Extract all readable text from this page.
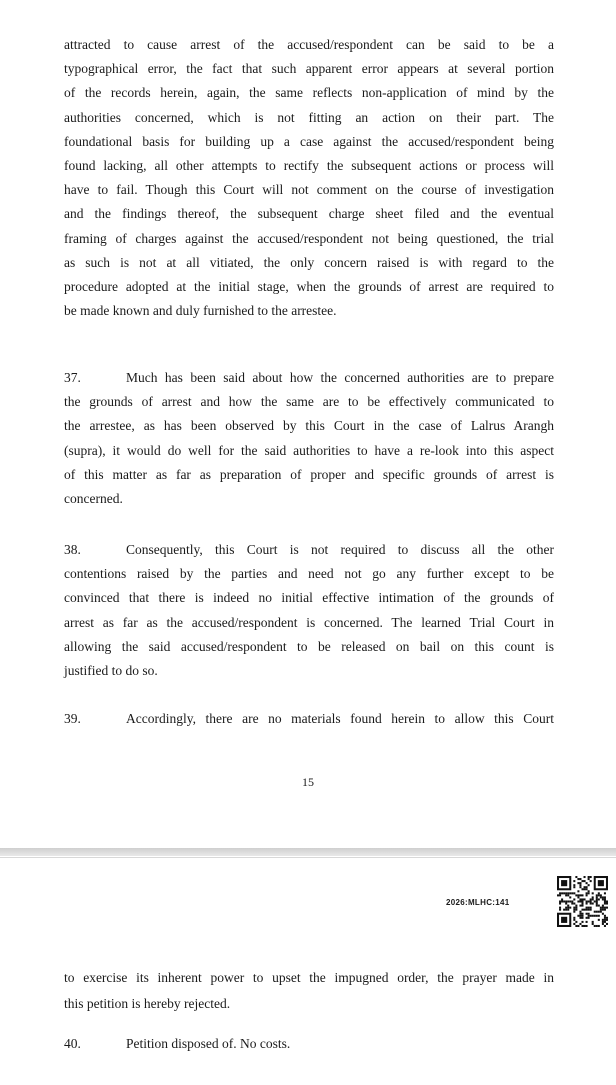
attracted to cause arrest of the accused/respondent can be said to be a
typographical error, the fact that such apparent error appears at several portion
of the records herein, again, the same reflects non-application of mind by the
authorities concerned, which is not fitting an action on their part. The
foundational basis for building up a case against the accused/respondent being
found lacking, all other attempts to rectify the subsequent actions or process will
have to fail. Though this Court will not comment on the course of investigation
and the findings thereof, the subsequent charge sheet filed and the eventual
framing of charges against the accused/respondent not being questioned, the trial
as such is not at all vitiated, the only concern raised is with regard to the
procedure adopted at the initial stage, when the grounds of arrest are required to
be made known and duly furnished to the arrestee.
37.	Much has been said about how the concerned authorities are to prepare
the grounds of arrest and how the same are to be effectively communicated to
the arrestee, as has been observed by this Court in the case of Lalrus Arangh
(supra), it would do well for the said authorities to have a re-look into this aspect
of this matter as far as preparation of proper and specific grounds of arrest is
concerned.
38.	Consequently, this Court is not required to discuss all the other
contentions raised by the parties and need not go any further except to be
convinced that there is indeed no initial effective intimation of the grounds of
arrest as far as the accused/respondent is concerned. The learned Trial Court in
allowing the said accused/respondent to be released on bail on this count is
justified to do so.
39.	Accordingly, there are no materials found herein to allow this Court
15
2026:MLHC:141
to exercise its inherent power to upset the impugned order, the prayer made in
this petition is hereby rejected.
40.	Petition disposed of. No costs.
